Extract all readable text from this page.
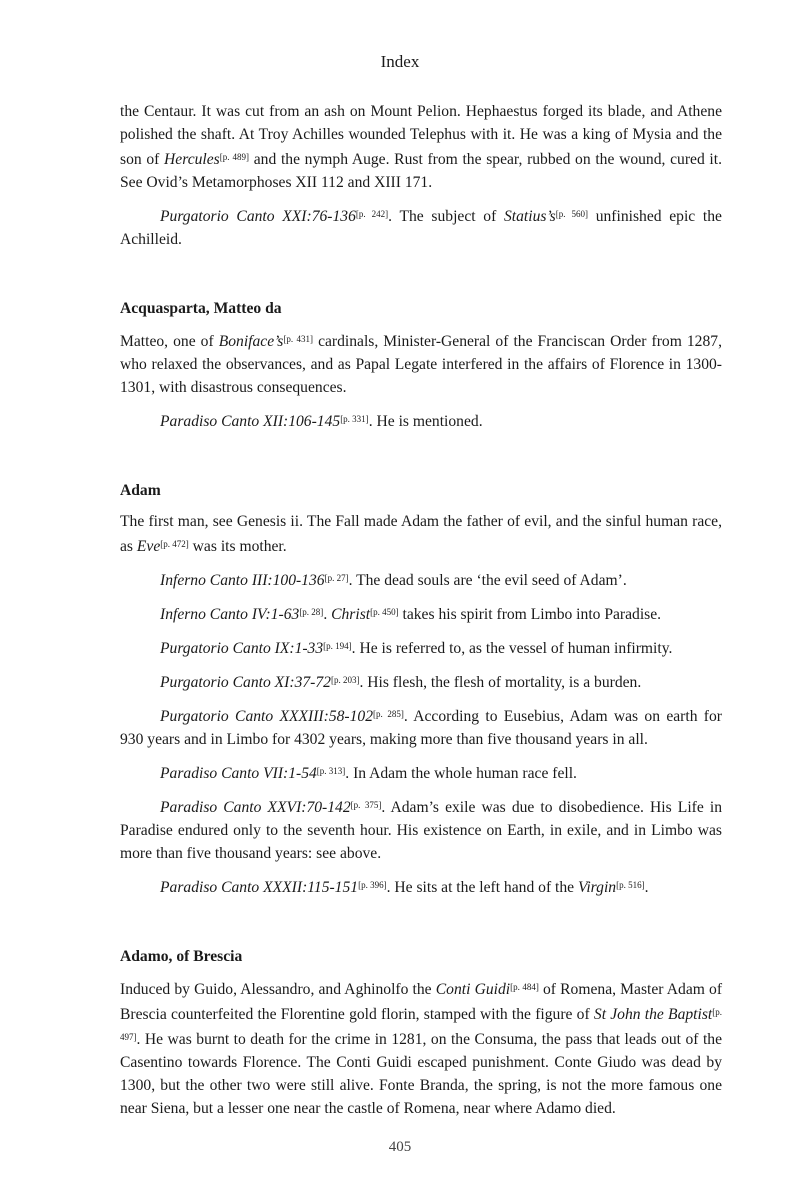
Index

the Centaur. It was cut from an ash on Mount Pelion. Hephaestus forged its blade, and Athene polished the shaft. At Troy Achilles wounded Telephus with it. He was a king of Mysia and the son of Hercules[p. 489] and the nymph Auge. Rust from the spear, rubbed on the wound, cured it. See Ovid’s Metamorphoses XII 112 and XIII 171.

Purgatorio Canto XXI:76-136[p. 242]. The subject of Statius’s[p. 560] unfinished epic the Achilleid.

Acquasparta, Matteo da

Matteo, one of Boniface’s[p. 431] cardinals, Minister-General of the Franciscan Order from 1287, who relaxed the observances, and as Papal Legate interfered in the affairs of Florence in 1300-1301, with disastrous consequences.

Paradiso Canto XII:106-145[p. 331]. He is mentioned.

Adam

The first man, see Genesis ii. The Fall made Adam the father of evil, and the sinful human race, as Eve[p. 472] was its mother.

Inferno Canto III:100-136[p. 27]. The dead souls are ‘the evil seed of Adam’.

Inferno Canto IV:1-63[p. 28]. Christ[p. 450] takes his spirit from Limbo into Paradise.

Purgatorio Canto IX:1-33[p. 194]. He is referred to, as the vessel of human infirmity.

Purgatorio Canto XI:37-72[p. 203]. His flesh, the flesh of mortality, is a burden.

Purgatorio Canto XXXIII:58-102[p. 285]. According to Eusebius, Adam was on earth for 930 years and in Limbo for 4302 years, making more than five thousand years in all.

Paradiso Canto VII:1-54[p. 313]. In Adam the whole human race fell.

Paradiso Canto XXVI:70-142[p. 375]. Adam’s exile was due to disobedience. His Life in Paradise endured only to the seventh hour. His existence on Earth, in exile, and in Limbo was more than five thousand years: see above.

Paradiso Canto XXXII:115-151[p. 396]. He sits at the left hand of the Virgin[p. 516].

Adamo, of Brescia

Induced by Guido, Alessandro, and Aghinolfo the Conti Guidi[p. 484] of Romena, Master Adam of Brescia counterfeited the Florentine gold florin, stamped with the figure of St John the Baptist[p. 497]. He was burnt to death for the crime in 1281, on the Consuma, the pass that leads out of the Casentino towards Florence. The Conti Guidi escaped punishment. Conte Giudo was dead by 1300, but the other two were still alive. Fonte Branda, the spring, is not the more famous one near Siena, but a lesser one near the castle of Romena, near where Adamo died.

405
